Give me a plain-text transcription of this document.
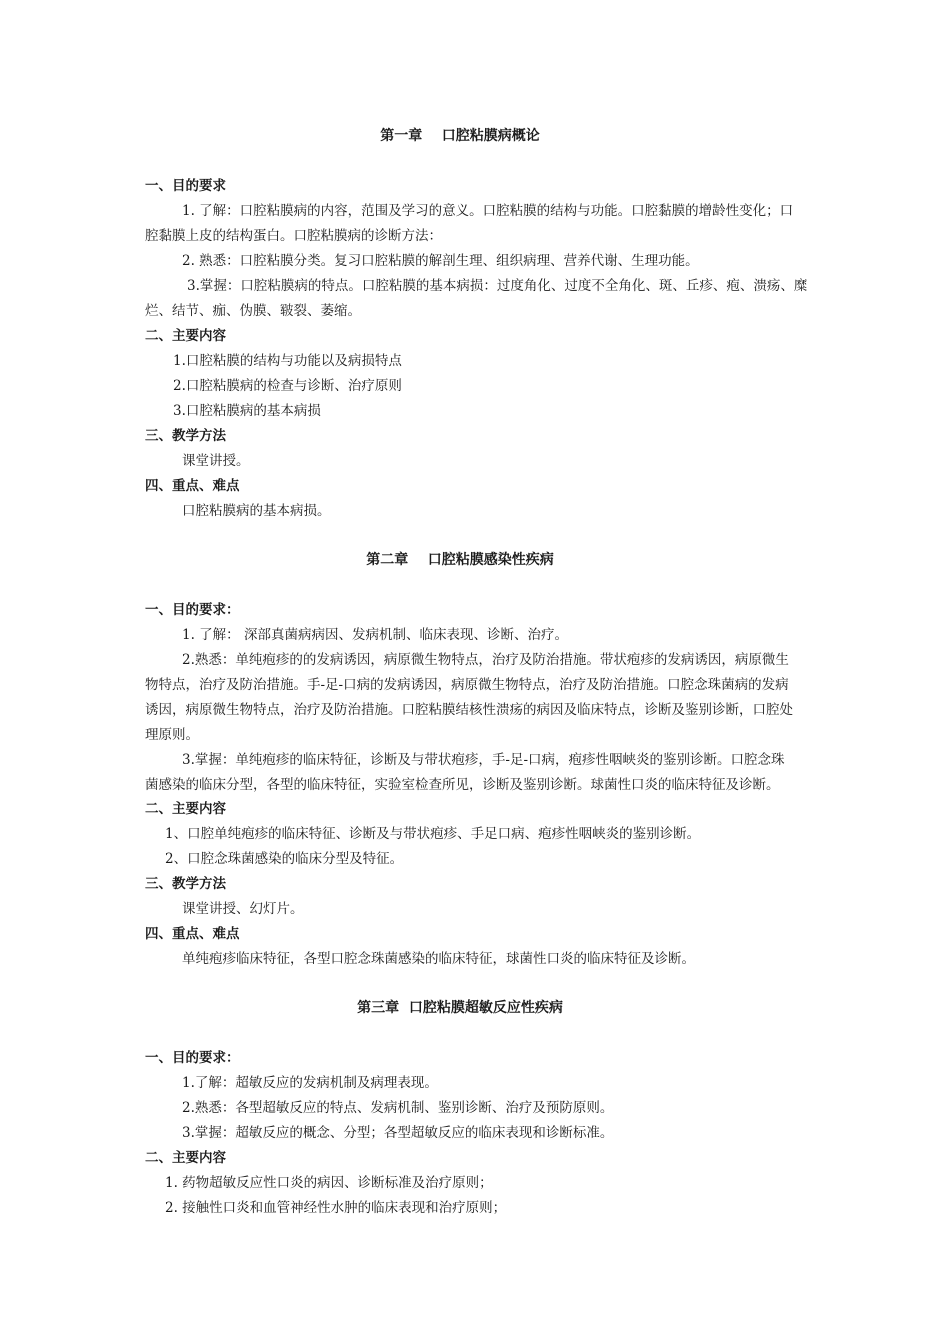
第一章    口腔粘膜病概论
一、目的要求
1. 了解：口腔粘膜病的内容，范围及学习的意义。口腔粘膜的结构与功能。口腔黏膜的增龄性变化；口
腔黏膜上皮的结构蛋白。口腔粘膜病的诊断方法：
2. 熟悉：口腔粘膜分类。复习口腔粘膜的解剖生理、组织病理、营养代谢、生理功能。
3.掌握：口腔粘膜病的特点。口腔粘膜的基本病损：过度角化、过度不全角化、斑、丘疹、疱、溃疡、糜
烂、结节、痂、伪膜、皲裂、萎缩。
二、主要内容
1.口腔粘膜的结构与功能以及病损特点
2.口腔粘膜病的检查与诊断、治疗原则
3.口腔粘膜病的基本病损
三、教学方法
课堂讲授。
四、重点、难点
口腔粘膜病的基本病损。
第二章    口腔粘膜感染性疾病
一、目的要求：
1. 了解： 深部真菌病病因、发病机制、临床表现、诊断、治疗。
2.熟悉：单纯疱疹的的发病诱因，病原微生物特点，治疗及防治措施。带状疱疹的发病诱因，病原微生
物特点，治疗及防治措施。手-足-口病的发病诱因，病原微生物特点，治疗及防治措施。口腔念珠菌病的发病
诱因，病原微生物特点，治疗及防治措施。口腔粘膜结核性溃疡的病因及临床特点，诊断及鉴别诊断，口腔处
理原则。
3.掌握：单纯疱疹的临床特征，诊断及与带状疱疹，手-足-口病，疱疹性咽峡炎的鉴别诊断。口腔念珠
菌感染的临床分型，各型的临床特征，实验室检查所见，诊断及鉴别诊断。球菌性口炎的临床特征及诊断。
二、主要内容
1、口腔单纯疱疹的临床特征、诊断及与带状疱疹、手足口病、疱疹性咽峡炎的鉴别诊断。
2、口腔念珠菌感染的临床分型及特征。
三、教学方法
课堂讲授、幻灯片。
四、重点、难点
单纯疱疹临床特征，各型口腔念珠菌感染的临床特征，球菌性口炎的临床特征及诊断。
第三章  口腔粘膜超敏反应性疾病
一、目的要求：
1.了解：超敏反应的发病机制及病理表现。
2.熟悉：各型超敏反应的特点、发病机制、鉴别诊断、治疗及预防原则。
3.掌握：超敏反应的概念、分型；各型超敏反应的临床表现和诊断标准。
二、主要内容
1. 药物超敏反应性口炎的病因、诊断标准及治疗原则；
2. 接触性口炎和血管神经性水肿的临床表现和治疗原则；
